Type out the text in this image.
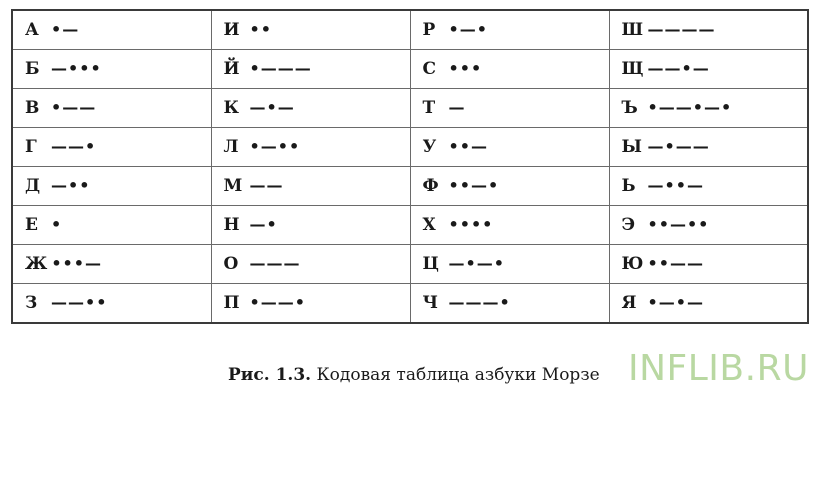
А •—	И ••	Р •—•	Ш ————
Б —•••	Й •———	С •••	Щ ——•—
В •——	К —•—	Т —	Ъ •——•—•
Г ——•	Л •—••	У ••—	Ы —•——
Д —••	М ——	Ф ••—•	Ь —••—
Е •	Н —•	Х ••••	Э ••—••
Ж •••—	О ———	Ц —•—•	Ю ••——
З ——••	П •——•	Ч ———•	Я •—•—
Рис. 1.3. Кодовая таблица азбуки Морзе INFLIB.RU
